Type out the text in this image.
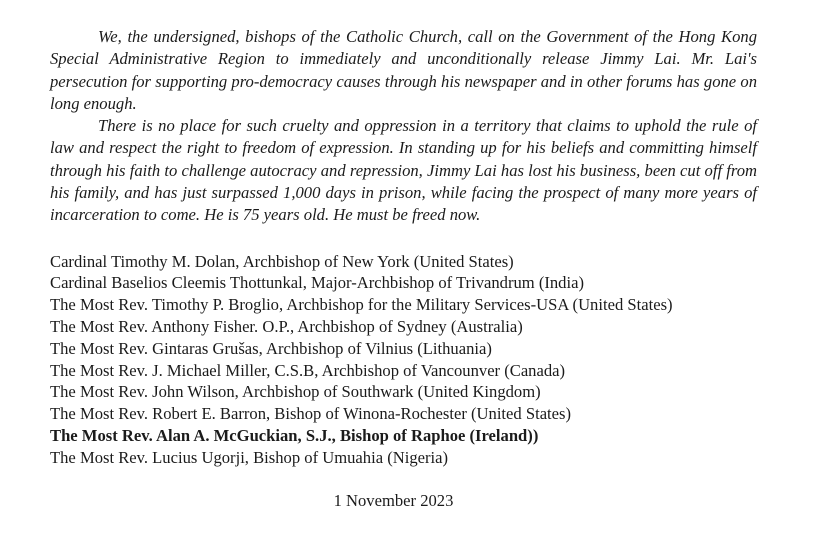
We, the undersigned, bishops of the Catholic Church, call on the Government of the Hong Kong Special Administrative Region to immediately and unconditionally release Jimmy Lai. Mr. Lai's persecution for supporting pro-democracy causes through his newspaper and in other forums has gone on long enough.

There is no place for such cruelty and oppression in a territory that claims to uphold the rule of law and respect the right to freedom of expression. In standing up for his beliefs and committing himself through his faith to challenge autocracy and repression, Jimmy Lai has lost his business, been cut off from his family, and has just surpassed 1,000 days in prison, while facing the prospect of many more years of incarceration to come. He is 75 years old. He must be freed now.

Cardinal Timothy M. Dolan, Archbishop of New York (United States)
Cardinal Baselios Cleemis Thottunkal, Major-Archbishop of Trivandrum (India)
The Most Rev. Timothy P. Broglio, Archbishop for the Military Services-USA (United States)
The Most Rev. Anthony Fisher. O.P., Archbishop of Sydney (Australia)
The Most Rev. Gintaras Grušas, Archbishop of Vilnius (Lithuania)
The Most Rev. J. Michael Miller, C.S.B, Archbishop of Vancounver (Canada)
The Most Rev. John Wilson, Archbishop of Southwark (United Kingdom)
The Most Rev. Robert E. Barron, Bishop of Winona-Rochester (United States)
The Most Rev. Alan A. McGuckian, S.J., Bishop of Raphoe (Ireland))
The Most Rev. Lucius Ugorji, Bishop of Umuahia (Nigeria)
1 November 2023
